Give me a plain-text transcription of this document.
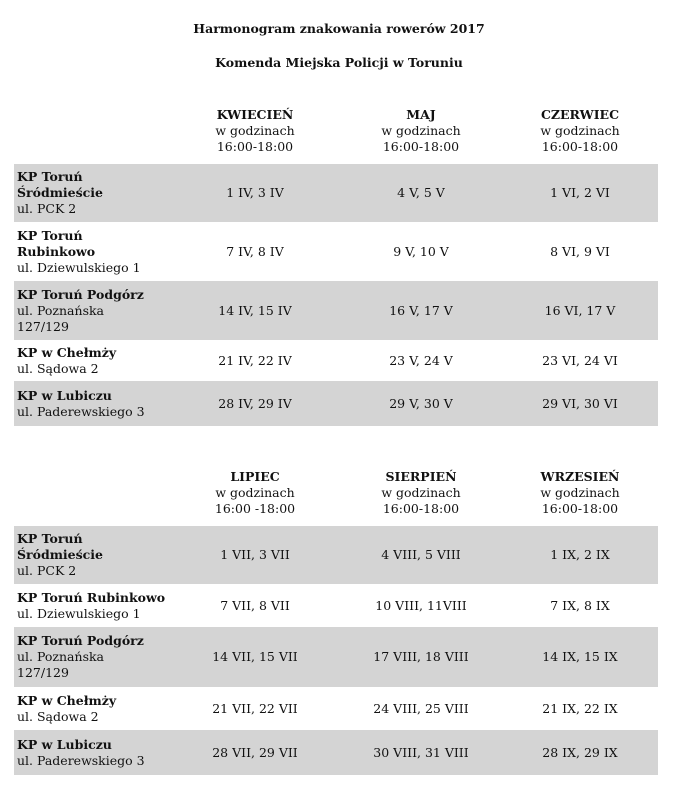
Harmonogram znakowania rowerów 2017
Komenda Miejska Policji w Toruniu

	KWIECIEŃ
w godzinach
16:00-18:00	MAJ
w godzinach
16:00-18:00	CZERWIEC
w godzinach
16:00-18:00

KP Toruń
Śródmieście
ul. PCK 2	1 IV, 3 IV	4 V, 5 V	1 VI, 2 VI

KP Toruń
Rubinkowo
ul. Dziewulskiego 1	7 IV, 8 IV	9 V, 10 V	8 VI, 9 VI

KP Toruń Podgórz
ul. Poznańska
127/129	14 IV, 15 IV	16 V, 17 V	16 VI, 17 V

KP w Chełmży
ul. Sądowa 2	21 IV, 22 IV	23 V, 24 V	23 VI, 24 VI

KP w Lubiczu
ul. Paderewskiego 3	28 IV, 29 IV	29 V, 30 V	29 VI, 30 VI

	LIPIEC
w godzinach
16:00 -18:00	SIERPIEŃ
w godzinach
16:00-18:00	WRZESIEŃ
w godzinach
16:00-18:00

KP Toruń
Śródmieście
ul. PCK 2	1 VII, 3 VII	4 VIII, 5 VIII	1 IX, 2 IX

KP Toruń Rubinkowo
ul. Dziewulskiego 1	7 VII, 8 VII	10 VIII, 11VIII	7 IX, 8 IX

KP Toruń Podgórz
ul. Poznańska
127/129	14 VII, 15 VII	17 VIII, 18 VIII	14 IX, 15 IX

KP w Chełmży
ul. Sądowa 2	21 VII, 22 VII	24 VIII, 25 VIII	21 IX, 22 IX

KP w Lubiczu
ul. Paderewskiego 3	28 VII, 29 VII	30 VIII, 31 VIII	28 IX, 29 IX
